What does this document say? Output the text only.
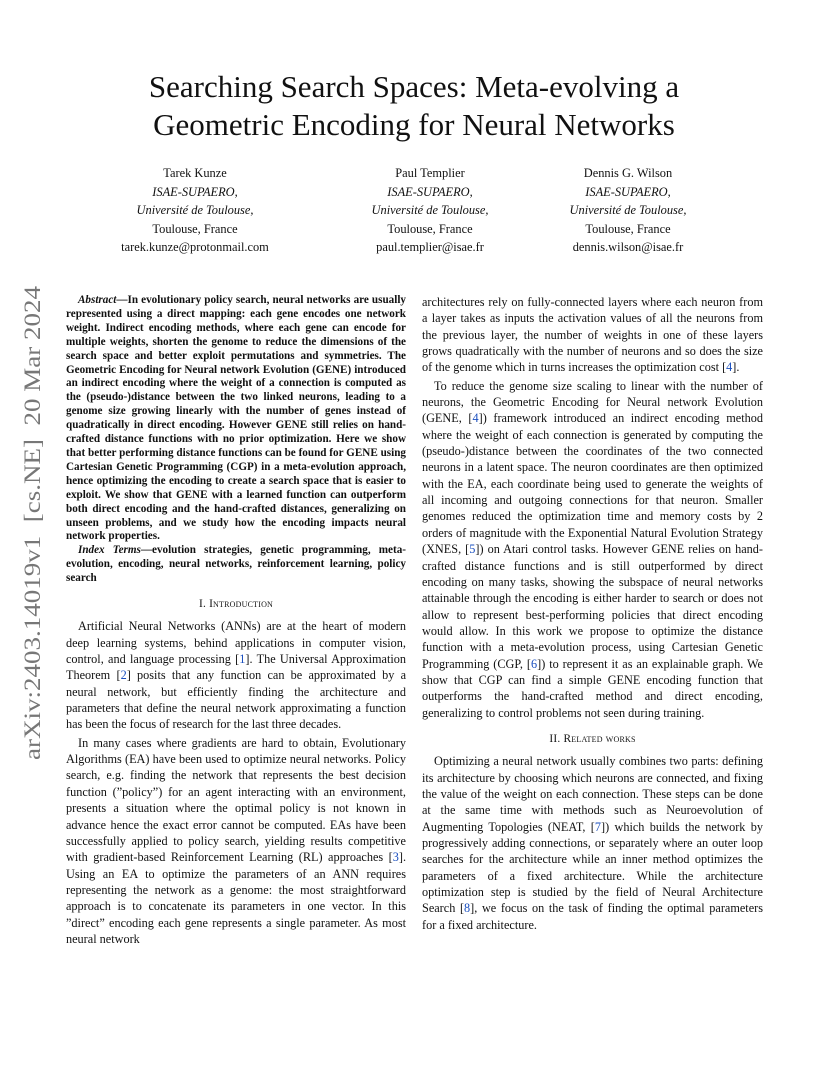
arXiv:2403.14019v1  [cs.NE]  20 Mar 2024
Searching Search Spaces: Meta-evolving a
Geometric Encoding for Neural Networks
Tarek Kunze
ISAE-SUPAERO,
Université de Toulouse,
Toulouse, France
tarek.kunze@protonmail.com
Paul Templier
ISAE-SUPAERO,
Université de Toulouse,
Toulouse, France
paul.templier@isae.fr
Dennis G. Wilson
ISAE-SUPAERO,
Université de Toulouse,
Toulouse, France
dennis.wilson@isae.fr

Abstract—In evolutionary policy search, neural networks are usually represented using a direct mapping: each gene encodes one network weight. Indirect encoding methods, where each gene can encode for multiple weights, shorten the genome to reduce the dimensions of the search space and better exploit permutations and symmetries. The Geometric Encoding for Neural network Evolution (GENE) introduced an indirect encoding where the weight of a connection is computed as the (pseudo-)distance between the two linked neurons, leading to a genome size growing linearly with the number of genes instead of quadratically in direct encoding. However GENE still relies on hand-crafted distance functions with no prior optimization. Here we show that better performing distance functions can be found for GENE using Cartesian Genetic Programming (CGP) in a meta-evolution approach, hence optimizing the encoding to create a search space that is easier to exploit. We show that GENE with a learned function can outperform both direct encoding and the hand-crafted distances, generalizing on unseen problems, and we study how the encoding impacts neural network properties.

Index Terms—evolution strategies, genetic programming, meta-evolution, encoding, neural networks, reinforcement learning, policy search

I. Introduction

Artificial Neural Networks (ANNs) are at the heart of modern deep learning systems, behind applications in computer vision, control, and language processing [ 1 ] . The Universal Approximation Theorem [ 2 ] posits that any function can be approximated by a neural network, but efficiently finding the architecture and parameters that define the neural network approximating a function has been the focus of research for the last three decades.

In many cases where gradients are hard to obtain, Evolutionary Algorithms (EA) have been used to optimize neural networks. Policy search, e.g. finding the network that represents the best decision function (”policy”) for an agent interacting with an environment, presents a situation where the optimal policy is not known in advance hence the exact error cannot be computed. EAs have been successfully applied to policy search, yielding results competitive with gradient-based Reinforcement Learning (RL) approaches [ 3 ] . Using an EA to optimize the parameters of an ANN requires representing the network as a genome: the most straightforward approach is to concatenate its parameters in one vector. In this ”direct” encoding each gene represents a single parameter. As most neural network

architectures rely on fully-connected layers where each neuron from a layer takes as inputs the activation values of all the neurons from the previous layer, the number of weights in one of these layers grows quadratically with the number of neurons and so does the size of the genome which in turns increases the optimization cost [ 4 ] .

To reduce the genome size scaling to linear with the number of neurons, the Geometric Encoding for Neural network Evolution (GENE, [ 4 ] ) framework introduced an indirect encoding method where the weight of each connection is generated by computing the (pseudo-)distance between the coordinates of the two connected neurons in a latent space. The neuron coordinates are then optimized with the EA, each coordinate being used to generate the weights of all incoming and outgoing connections for that neuron. Smaller genomes reduced the optimization time and memory costs by 2 orders of magnitude with the Exponential Natural Evolution Strategy (XNES, [ 5 ] ) on Atari control tasks. However GENE relies on hand-crafted distance functions and is still outperformed by direct encoding on many tasks, showing the subspace of neural networks attainable through the encoding is either harder to search or does not allow to represent best-performing policies that direct encoding would allow. In this work we propose to optimize the distance function with a meta-evolution process, using Cartesian Genetic Programming (CGP, [ 6 ] ) to represent it as an explainable graph. We show that CGP can find a simple GENE encoding function that outperforms the hand-crafted method and direct encoding, generalizing to control problems not seen during training.

II. Related works

Optimizing a neural network usually combines two parts: defining its architecture by choosing which neurons are connected, and fixing the value of the weight on each connection. These steps can be done at the same time with methods such as Neuroevolution of Augmenting Topologies (NEAT, [ 7 ] ) which builds the network by progressively adding connections, or separately where an outer loop searches for the architecture while an inner method optimizes the parameters of a fixed architecture. While the architecture optimization step is studied by the field of Neural Architecture Search [ 8 ] , we focus on the task of finding the optimal parameters for a fixed architecture.
